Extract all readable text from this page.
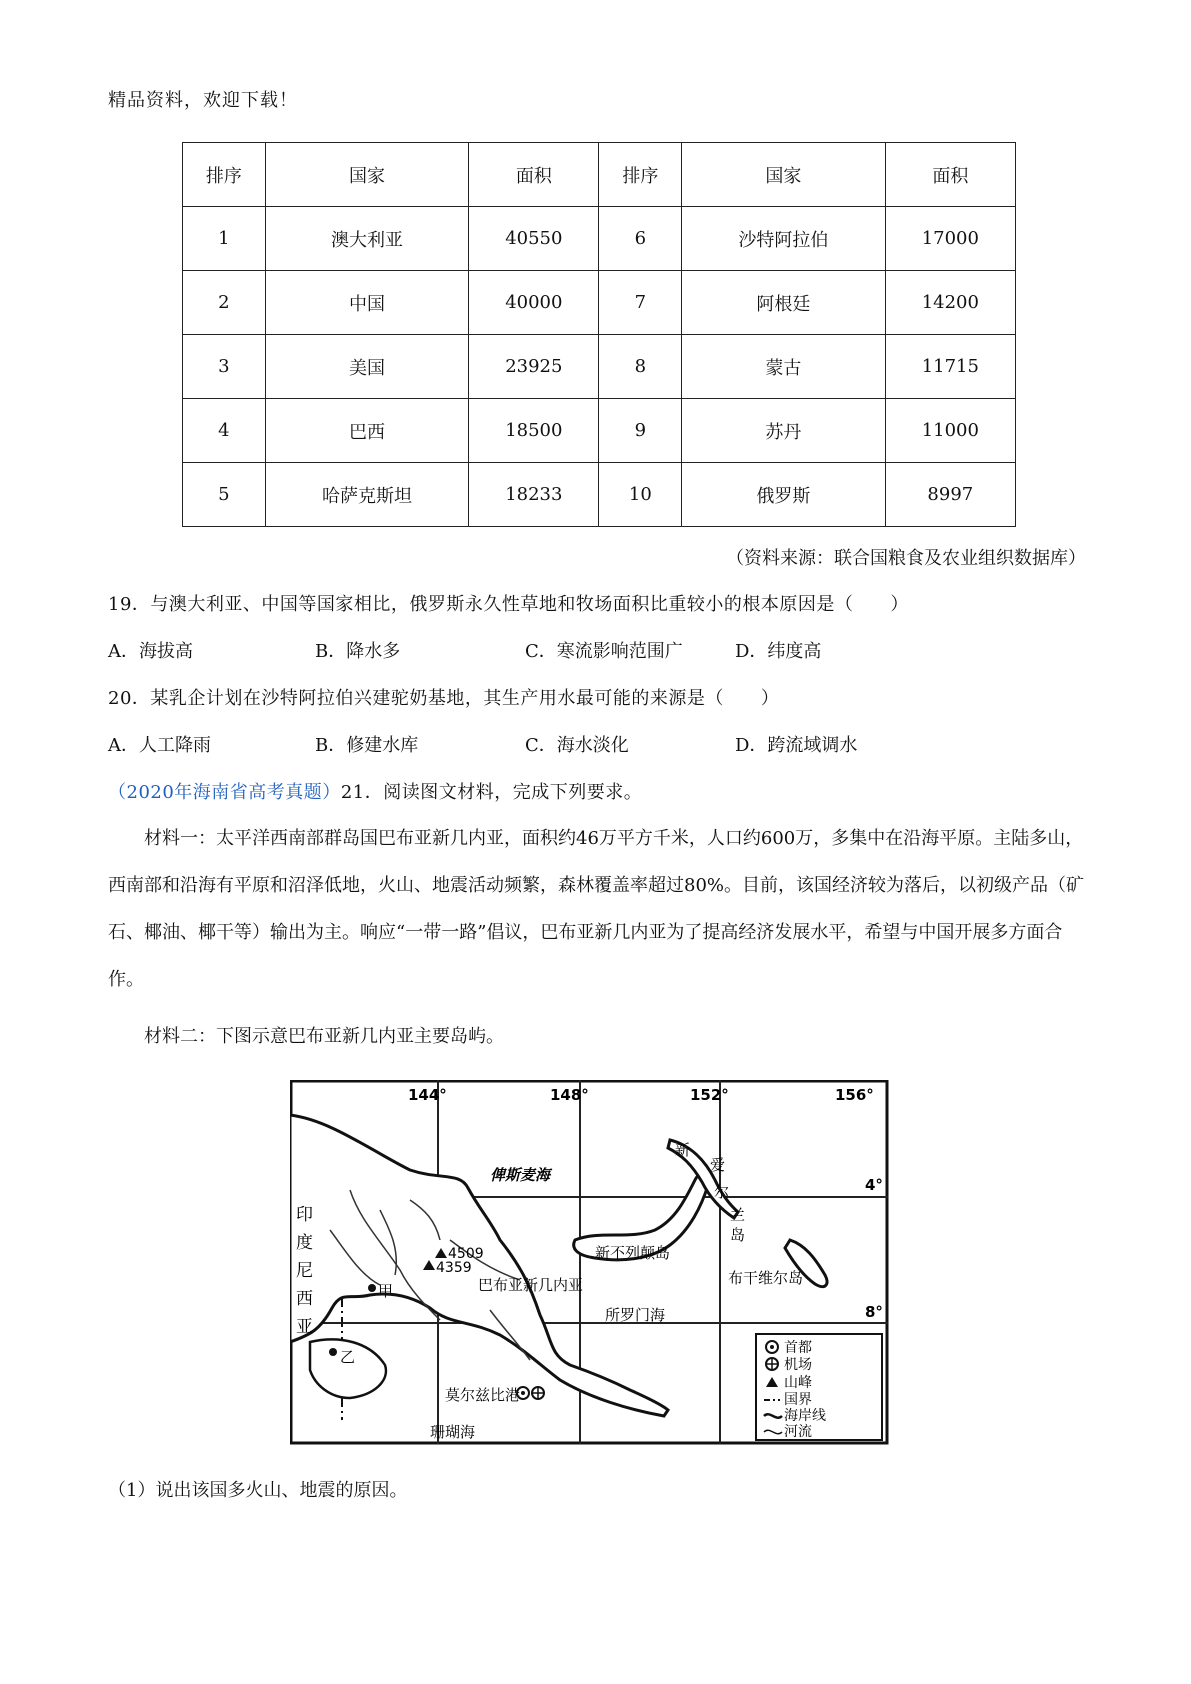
精品资料，欢迎下载！
排序	国家	面积	排序	国家	面积
1	澳大利亚	40550	6	沙特阿拉伯	17000
2	中国	40000	7	阿根廷	14200
3	美国	23925	8	蒙古	11715
4	巴西	18500	9	苏丹	11000
5	哈萨克斯坦	18233	10	俄罗斯	8997
（资料来源：联合国粮食及农业组织数据库）
19．与澳大利亚、中国等国家相比，俄罗斯永久性草地和牧场面积比重较小的根本原因是（　　）
A．海拔高	B．降水多	C．寒流影响范围广	D．纬度高
20．某乳企计划在沙特阿拉伯兴建驼奶基地，其生产用水最可能的来源是（　　）
A．人工降雨	B．修建水库	C．海水淡化	D．跨流域调水
（2020年海南省高考真题）21．阅读图文材料，完成下列要求。
材料一：太平洋西南部群岛国巴布亚新几内亚，面积约46万平方千米，人口约600万，多集中在沿海平原。主陆多山，西南部和沿海有平原和沼泽低地，火山、地震活动频繁，森林覆盖率超过80%。目前，该国经济较为落后，以初级产品（矿石、椰油、椰干等）输出为主。响应“一带一路”倡议，巴布亚新几内亚为了提高经济发展水平，希望与中国开展多方面合作。
材料二：下图示意巴布亚新几内亚主要岛屿。
144°	148°	152°	156°
4°
8°
俾斯麦海
印
度
尼
西
亚
新
爱
尔
兰
岛
新不列颠岛
布干维尔岛
巴布亚新几内亚
所罗门海
莫尔兹比港
珊瑚海
4509
4359
甲
乙	首都
机场
山峰
国界
海岸线
河流
（1）说出该国多火山、地震的原因。
